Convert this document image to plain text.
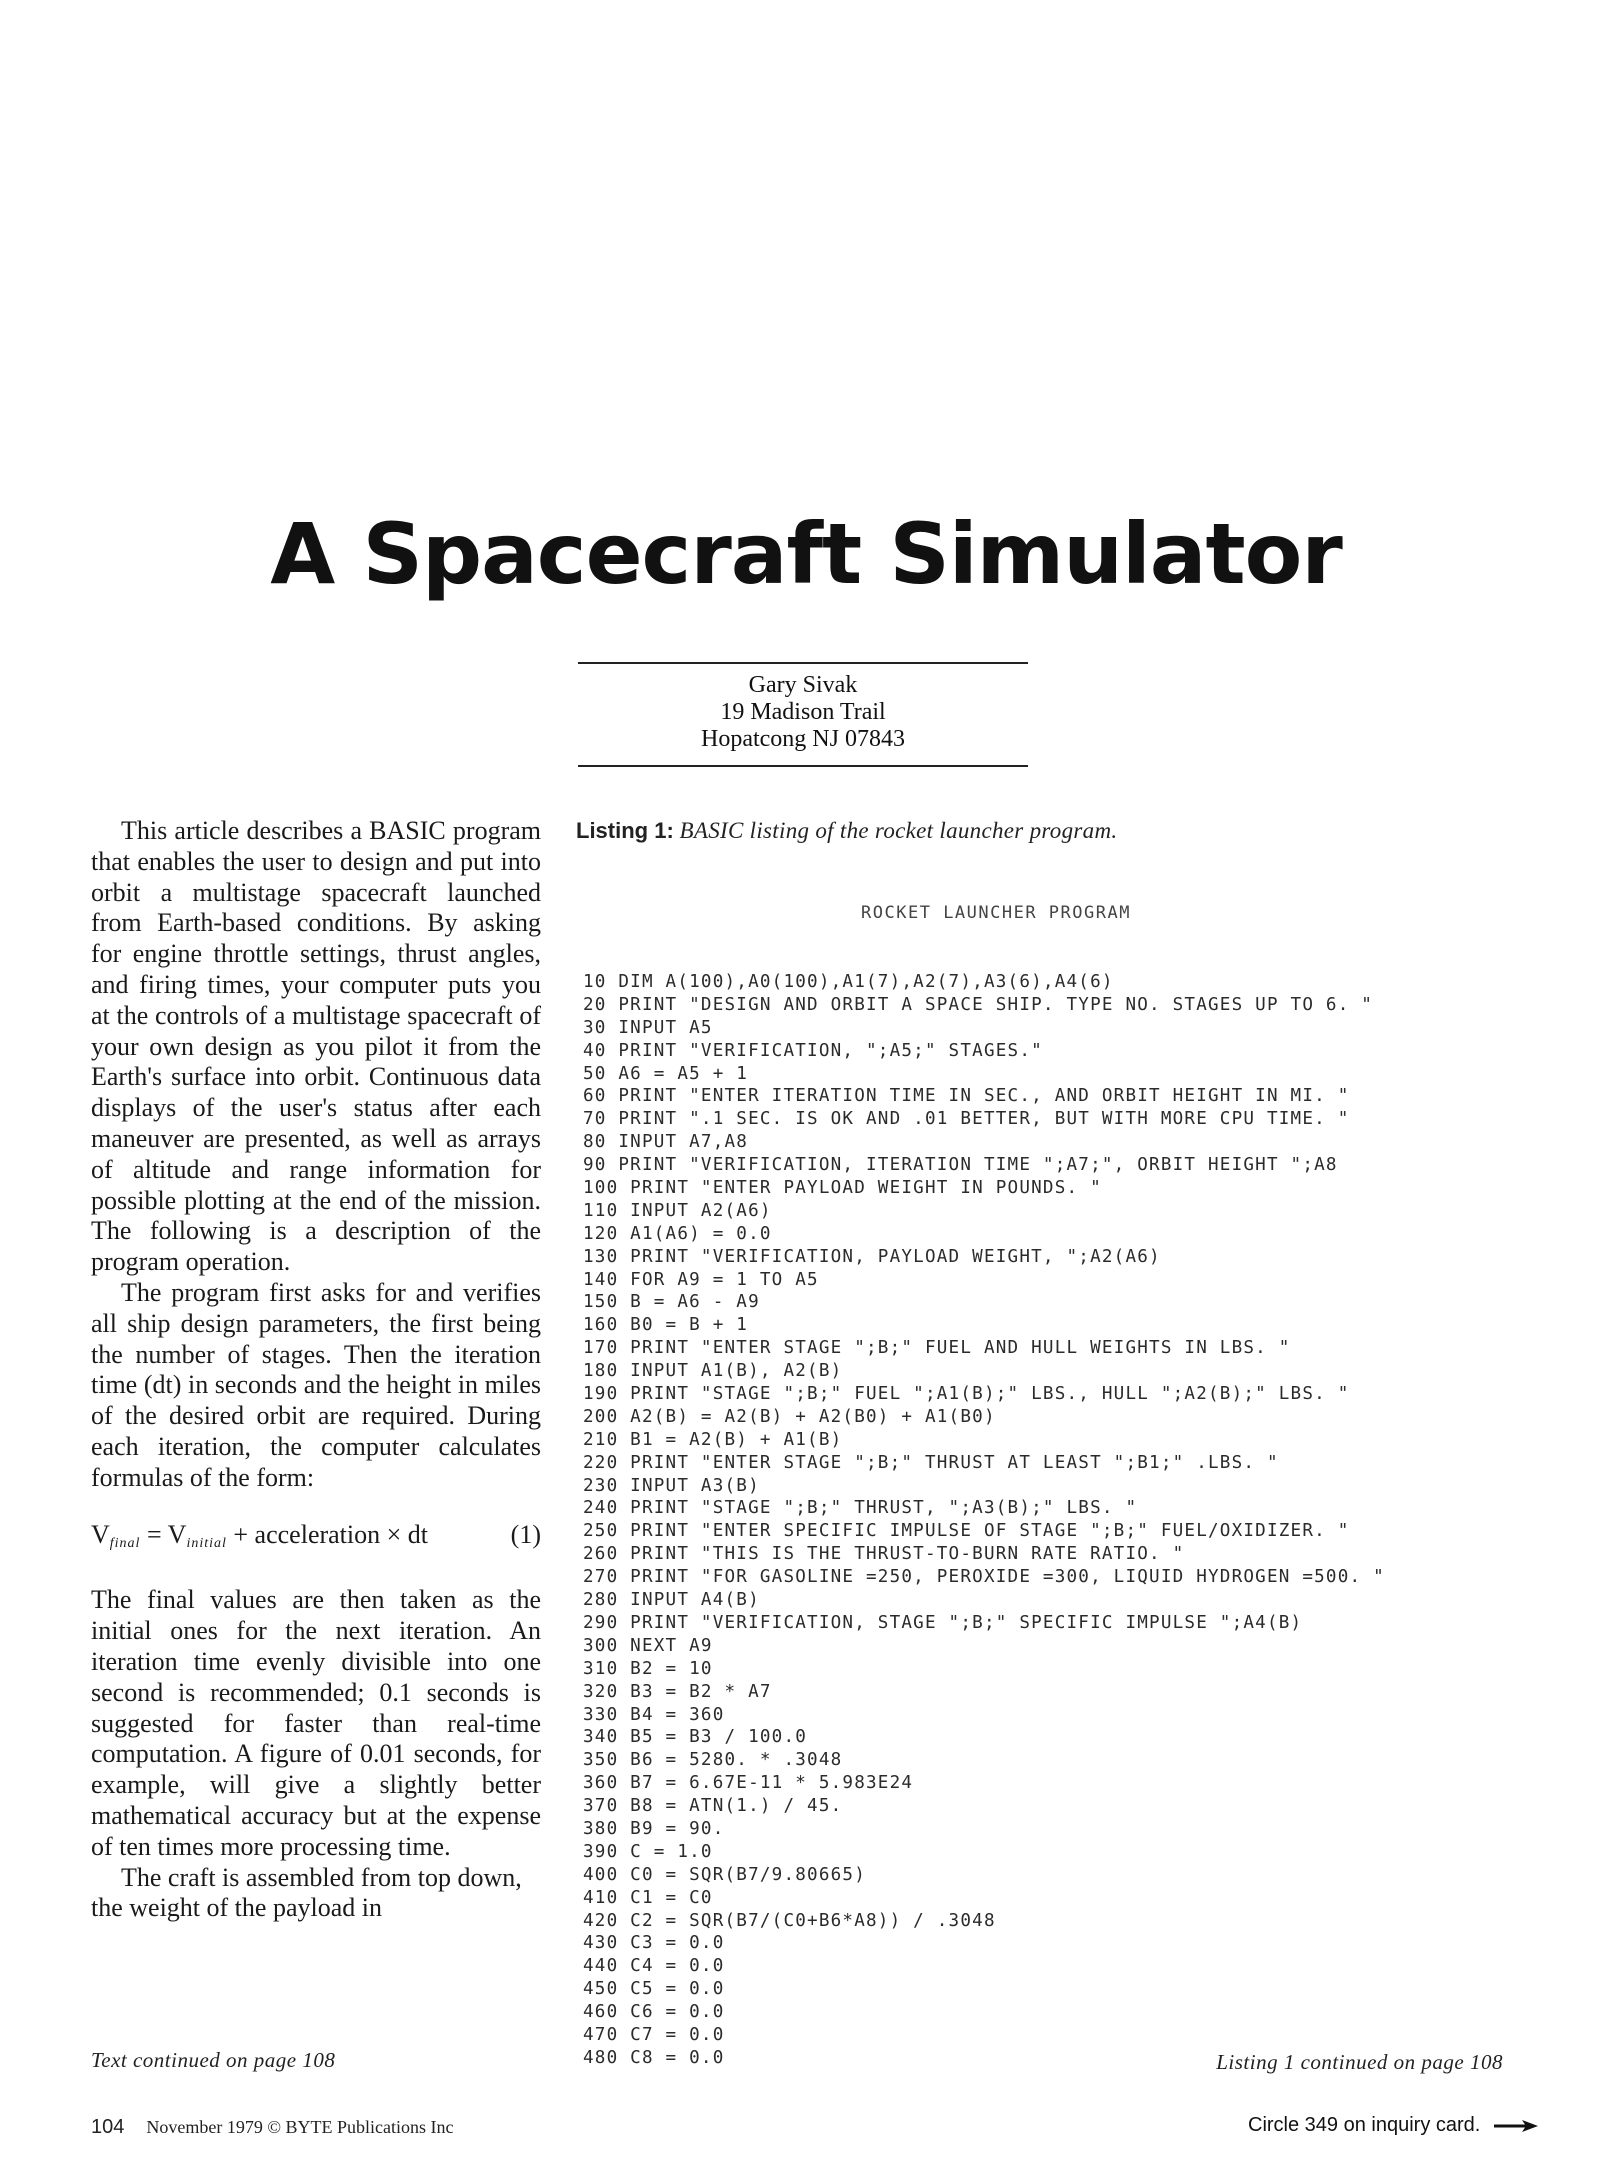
A Spacecraft Simulator
Gary Sivak
19 Madison Trail
Hopatcong NJ 07843

This article describes a BASIC program that enables the user to design and put into orbit a multistage spacecraft launched from Earth-based conditions. By asking for engine throttle settings, thrust angles, and firing times, your computer puts you at the controls of a multistage spacecraft of your own design as you pilot it from the Earth's surface into orbit. Continuous data displays of the user's status after each maneuver are presented, as well as arrays of altitude and range information for possible plotting at the end of the mission. The following is a description of the program operation.

The program first asks for and verifies all ship design parameters, the first being the number of stages. Then the iteration time (dt) in seconds and the height in miles of the desired orbit are required. During each iteration, the computer calculates formulas of the form:

$V_{final} = V_{initial}$ + acceleration × dt	(1)

The final values are then taken as the initial ones for the next iteration. An iteration time evenly divisible into one second is recommended; 0.1 seconds is suggested for faster than real-time computation. A figure of 0.01 seconds, for example, will give a slightly better mathematical accuracy but at the expense of ten times more processing time.

The craft is assembled from top down, the weight of the payload in

Text continued on page 108
Listing 1: BASIC listing of the rocket launcher program.
ROCKET LAUNCHER PROGRAM
10 DIM A(100),A0(100),A1(7),A2(7),A3(6),A4(6)
20 PRINT "DESIGN AND ORBIT A SPACE SHIP. TYPE NO. STAGES UP TO 6. "
30 INPUT A5
40 PRINT "VERIFICATION, ";A5;" STAGES."
50 A6 = A5 + 1
60 PRINT "ENTER ITERATION TIME IN SEC., AND ORBIT HEIGHT IN MI. "
70 PRINT ".1 SEC. IS OK AND .01 BETTER, BUT WITH MORE CPU TIME. "
80 INPUT A7,A8
90 PRINT "VERIFICATION, ITERATION TIME ";A7;", ORBIT HEIGHT ";A8
100 PRINT "ENTER PAYLOAD WEIGHT IN POUNDS. "
110 INPUT A2(A6)
120 A1(A6) = 0.0
130 PRINT "VERIFICATION, PAYLOAD WEIGHT, ";A2(A6)
140 FOR A9 = 1 TO A5
150 B = A6 - A9
160 B0 = B + 1
170 PRINT "ENTER STAGE ";B;" FUEL AND HULL WEIGHTS IN LBS. "
180 INPUT A1(B), A2(B)
190 PRINT "STAGE ";B;" FUEL ";A1(B);" LBS., HULL ";A2(B);" LBS. "
200 A2(B) = A2(B) + A2(B0) + A1(B0)
210 B1 = A2(B) + A1(B)
220 PRINT "ENTER STAGE ";B;" THRUST AT LEAST ";B1;" .LBS. "
230 INPUT A3(B)
240 PRINT "STAGE ";B;" THRUST, ";A3(B);" LBS. "
250 PRINT "ENTER SPECIFIC IMPULSE OF STAGE ";B;" FUEL/OXIDIZER. "
260 PRINT "THIS IS THE THRUST-TO-BURN RATE RATIO. "
270 PRINT "FOR GASOLINE =250, PEROXIDE =300, LIQUID HYDROGEN =500. "
280 INPUT A4(B)
290 PRINT "VERIFICATION, STAGE ";B;" SPECIFIC IMPULSE ";A4(B)
300 NEXT A9
310 B2 = 10
320 B3 = B2 * A7
330 B4 = 360
340 B5 = B3 / 100.0
350 B6 = 5280. * .3048
360 B7 = 6.67E-11 * 5.983E24
370 B8 = ATN(1.) / 45.
380 B9 = 90.
390 C = 1.0
400 C0 = SQR(B7/9.80665)
410 C1 = C0
420 C2 = SQR(B7/(C0+B6*A8)) / .3048
430 C3 = 0.0
440 C4 = 0.0
450 C5 = 0.0
460 C6 = 0.0
470 C7 = 0.0
480 C8 = 0.0	Listing 1 continued on page 108
104 November 1979 © BYTE Publications Inc	Circle 349 on inquiry card.
